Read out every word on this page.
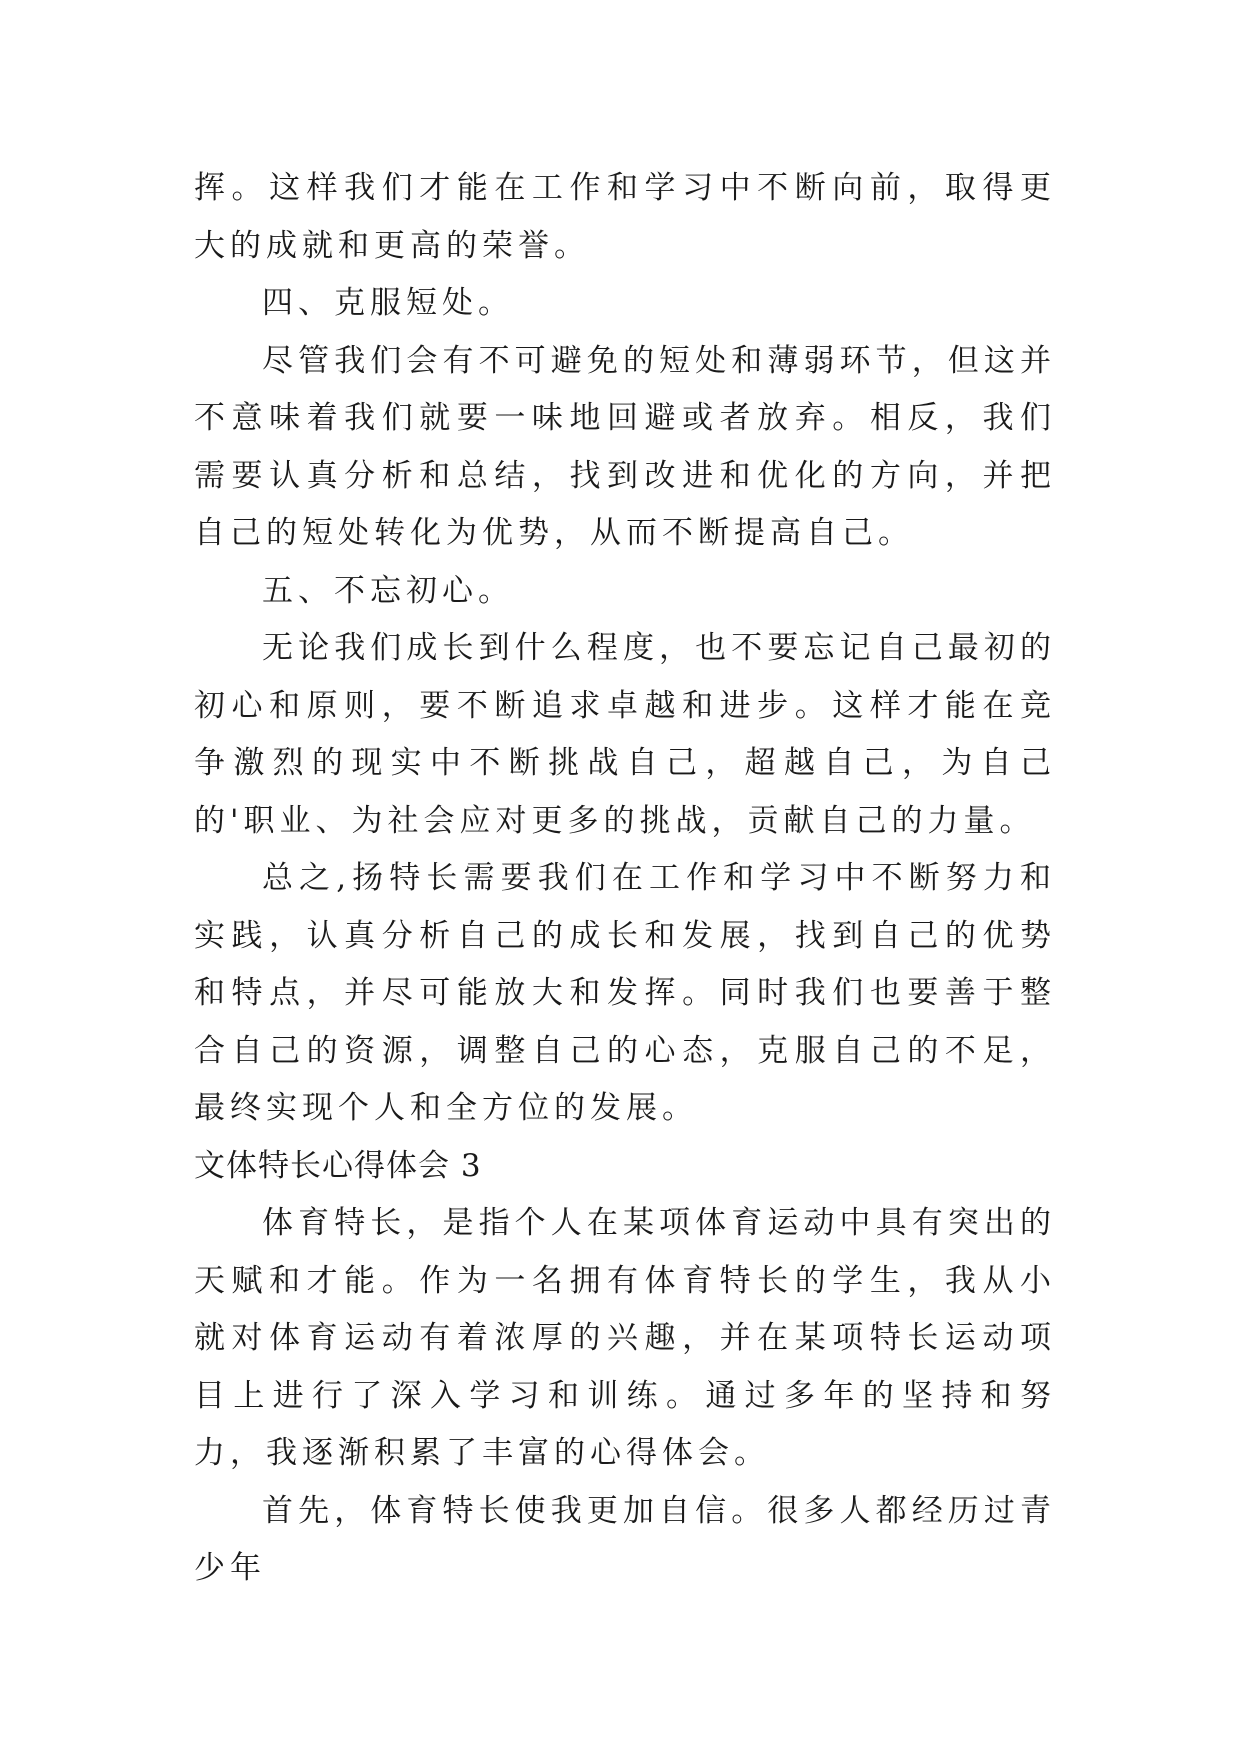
挥。这样我们才能在工作和学习中不断向前，取得更大的成就和更高的荣誉。

四、克服短处。

尽管我们会有不可避免的短处和薄弱环节，但这并不意味着我们就要一味地回避或者放弃。相反，我们需要认真分析和总结，找到改进和优化的方向，并把自己的短处转化为优势，从而不断提高自己。

五、不忘初心。

无论我们成长到什么程度，也不要忘记自己最初的初心和原则，要不断追求卓越和进步。这样才能在竞争激烈的现实中不断挑战自己，超越自己，为自己的'职业、为社会应对更多的挑战，贡献自己的力量。

总之,扬特长需要我们在工作和学习中不断努力和实践，认真分析自己的成长和发展，找到自己的优势和特点，并尽可能放大和发挥。同时我们也要善于整合自己的资源，调整自己的心态，克服自己的不足，最终实现个人和全方位的发展。

文体特长心得体会 3

体育特长，是指个人在某项体育运动中具有突出的天赋和才能。作为一名拥有体育特长的学生，我从小就对体育运动有着浓厚的兴趣，并在某项特长运动项目上进行了深入学习和训练。通过多年的坚持和努力，我逐渐积累了丰富的心得体会。

首先，体育特长使我更加自信。很多人都经历过青少年
